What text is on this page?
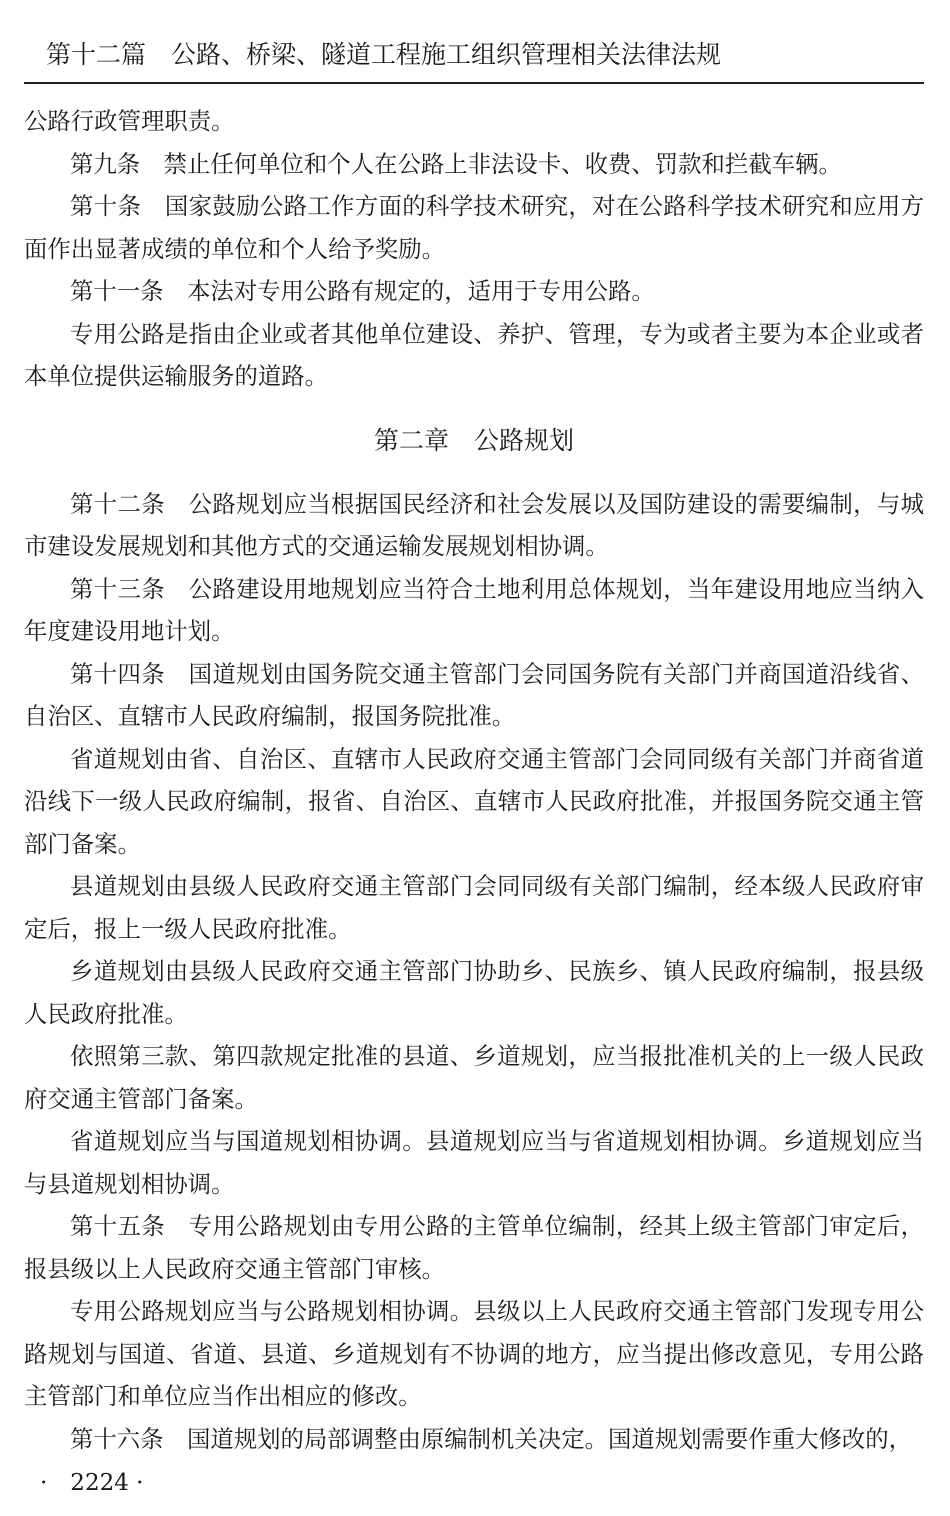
第十二篇　公路、桥梁、隧道工程施工组织管理相关法律法规

公路行政管理职责。

第九条　禁止任何单位和个人在公路上非法设卡、收费、罚款和拦截车辆。

第十条　国家鼓励公路工作方面的科学技术研究，对在公路科学技术研究和应用方面作出显著成绩的单位和个人给予奖励。

第十一条　本法对专用公路有规定的，适用于专用公路。

专用公路是指由企业或者其他单位建设、养护、管理，专为或者主要为本企业或者本单位提供运输服务的道路。

第二章　公路规划

第十二条　公路规划应当根据国民经济和社会发展以及国防建设的需要编制，与城市建设发展规划和其他方式的交通运输发展规划相协调。

第十三条　公路建设用地规划应当符合土地利用总体规划，当年建设用地应当纳入年度建设用地计划。

第十四条　国道规划由国务院交通主管部门会同国务院有关部门并商国道沿线省、自治区、直辖市人民政府编制，报国务院批准。

省道规划由省、自治区、直辖市人民政府交通主管部门会同同级有关部门并商省道沿线下一级人民政府编制，报省、自治区、直辖市人民政府批准，并报国务院交通主管部门备案。

县道规划由县级人民政府交通主管部门会同同级有关部门编制，经本级人民政府审定后，报上一级人民政府批准。

乡道规划由县级人民政府交通主管部门协助乡、民族乡、镇人民政府编制，报县级人民政府批准。

依照第三款、第四款规定批准的县道、乡道规划，应当报批准机关的上一级人民政府交通主管部门备案。

省道规划应当与国道规划相协调。县道规划应当与省道规划相协调。乡道规划应当与县道规划相协调。

第十五条　专用公路规划由专用公路的主管单位编制，经其上级主管部门审定后，报县级以上人民政府交通主管部门审核。

专用公路规划应当与公路规划相协调。县级以上人民政府交通主管部门发现专用公路规划与国道、省道、县道、乡道规划有不协调的地方，应当提出修改意见，专用公路主管部门和单位应当作出相应的修改。

第十六条　国道规划的局部调整由原编制机关决定。国道规划需要作重大修改的，

·　2224 ·
